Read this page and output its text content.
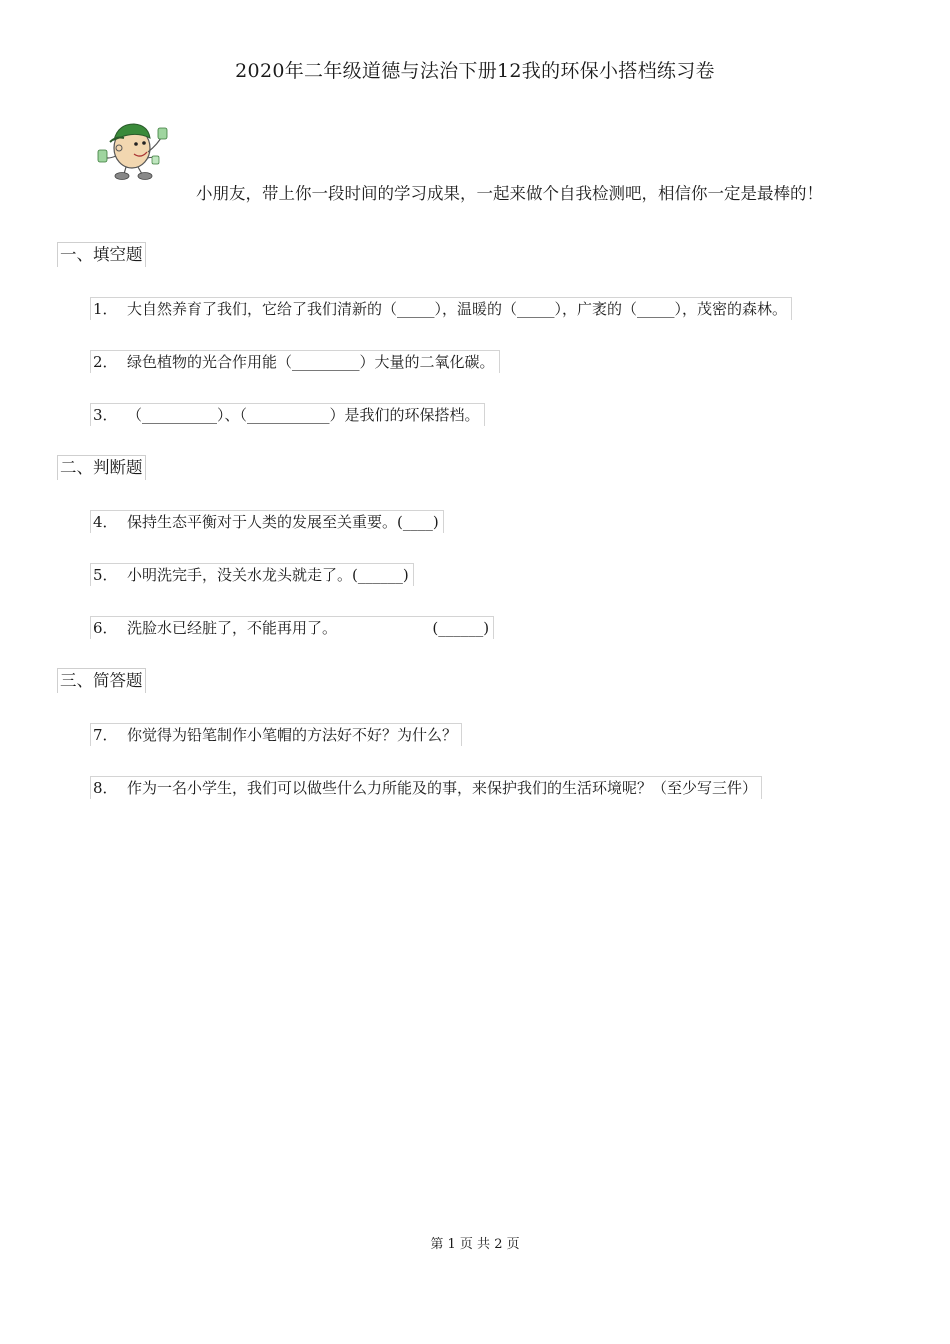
2020年二年级道德与法治下册12我的环保小搭档练习卷
小朋友，带上你一段时间的学习成果，一起来做个自我检测吧，相信你一定是最棒的！
一、填空题
1． 大自然养育了我们，它给了我们清新的（_____），温暖的（_____），广袤的（_____），茂密的森林。
2． 绿色植物的光合作用能（_________）大量的二氧化碳。
3． （__________）、（___________）是我们的环保搭档。
二、判断题
4． 保持生态平衡对于人类的发展至关重要。(____)
5． 小明洗完手，没关水龙头就走了。(______)
6． 洗脸水已经脏了，不能再用了。                    (______)
三、简答题
7． 你觉得为铅笔制作小笔帽的方法好不好？为什么？
8． 作为一名小学生，我们可以做些什么力所能及的事，来保护我们的生活环境呢？（至少写三件）
第 1 页 共 2 页
